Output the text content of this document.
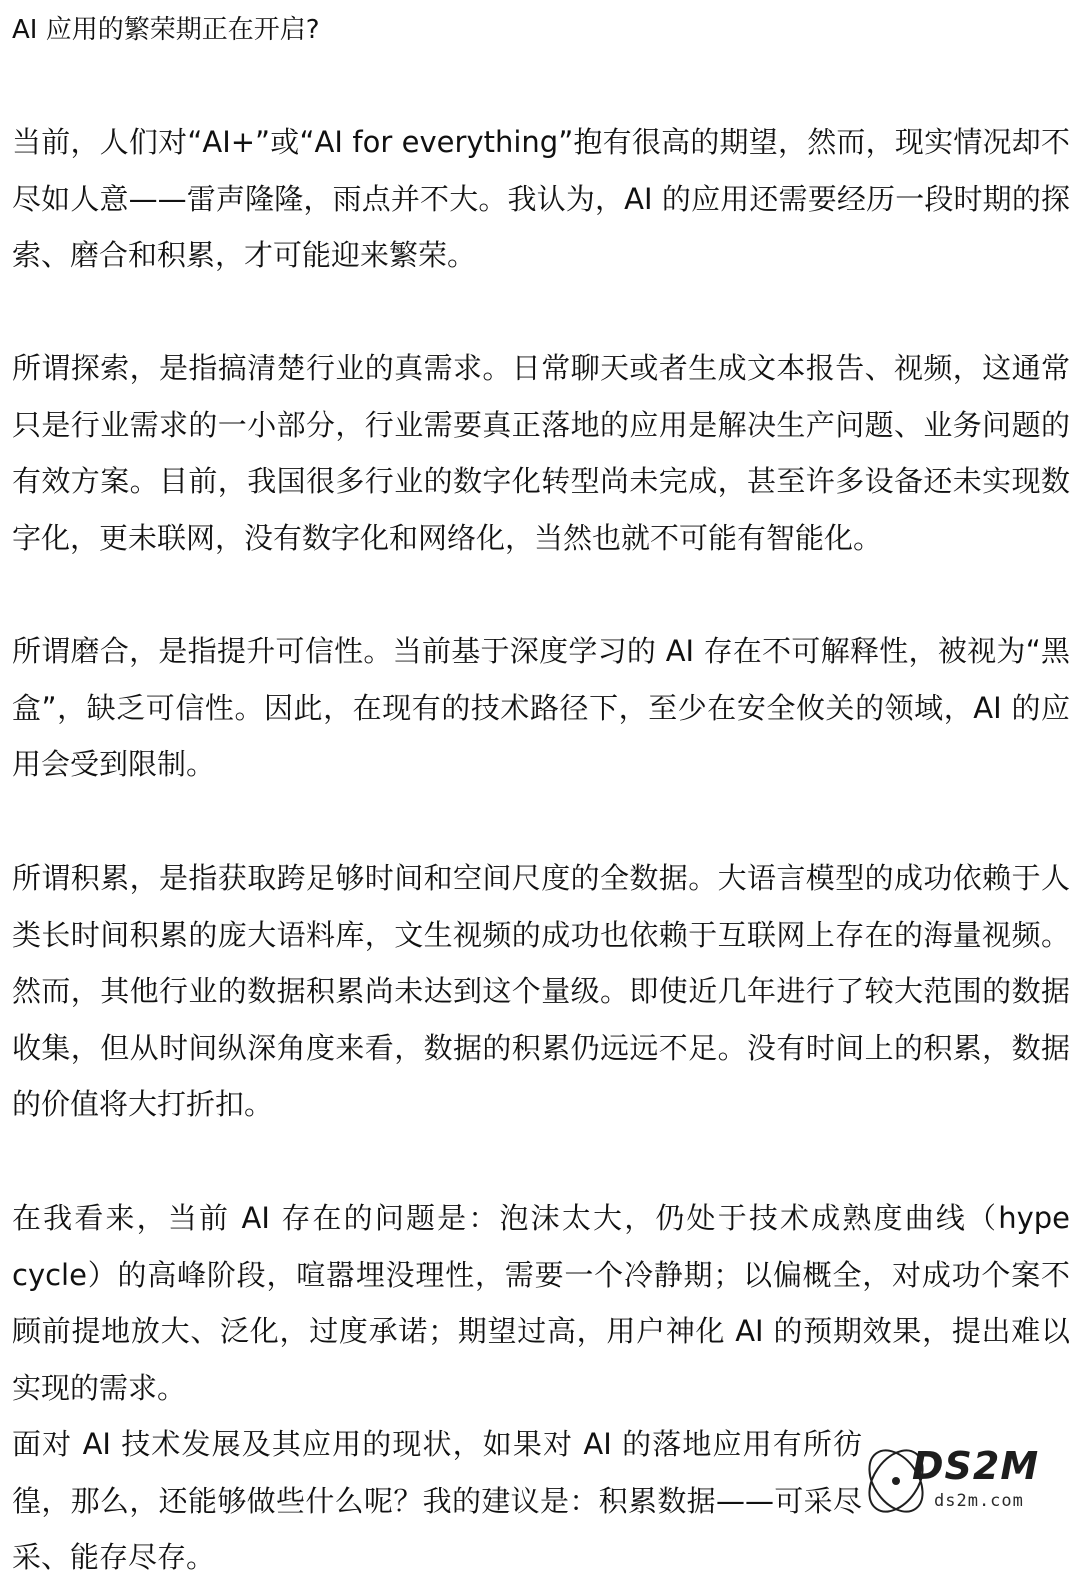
AI 应用的繁荣期正在开启?

当前，人们对“AI+”或“AI for everything”抱有很高的期望，然而，现实情况却不尽如人意——雷声隆隆，雨点并不大。我认为，AI 的应用还需要经历一段时期的探索、磨合和积累，才可能迎来繁荣。

所谓探索，是指搞清楚行业的真需求。日常聊天或者生成文本报告、视频，这通常只是行业需求的一小部分，行业需要真正落地的应用是解决生产问题、业务问题的有效方案。目前，我国很多行业的数字化转型尚未完成，甚至许多设备还未实现数字化，更未联网，没有数字化和网络化，当然也就不可能有智能化。

所谓磨合，是指提升可信性。当前基于深度学习的 AI 存在不可解释性，被视为“黑盒”，缺乏可信性。因此，在现有的技术路径下，至少在安全攸关的领域，AI 的应用会受到限制。

所谓积累，是指获取跨足够时间和空间尺度的全数据。大语言模型的成功依赖于人类长时间积累的庞大语料库，文生视频的成功也依赖于互联网上存在的海量视频。然而，其他行业的数据积累尚未达到这个量级。即使近几年进行了较大范围的数据收集，但从时间纵深角度来看，数据的积累仍远远不足。没有时间上的积累，数据的价值将大打折扣。

在我看来，当前 AI 存在的问题是：泡沫太大，仍处于技术成熟度曲线（hype cycle）的高峰阶段，喧嚣埋没理性，需要一个冷静期；以偏概全，对成功个案不顾前提地放大、泛化，过度承诺；期望过高，用户神化 AI 的预期效果，提出难以实现的需求。

面对 AI 技术发展及其应用的现状，如果对 AI 的落地应用有所彷徨，那么，还能够做些什么呢？我的建议是：积累数据——可采尽采、能存尽存。

DS2M
ds2m.com
